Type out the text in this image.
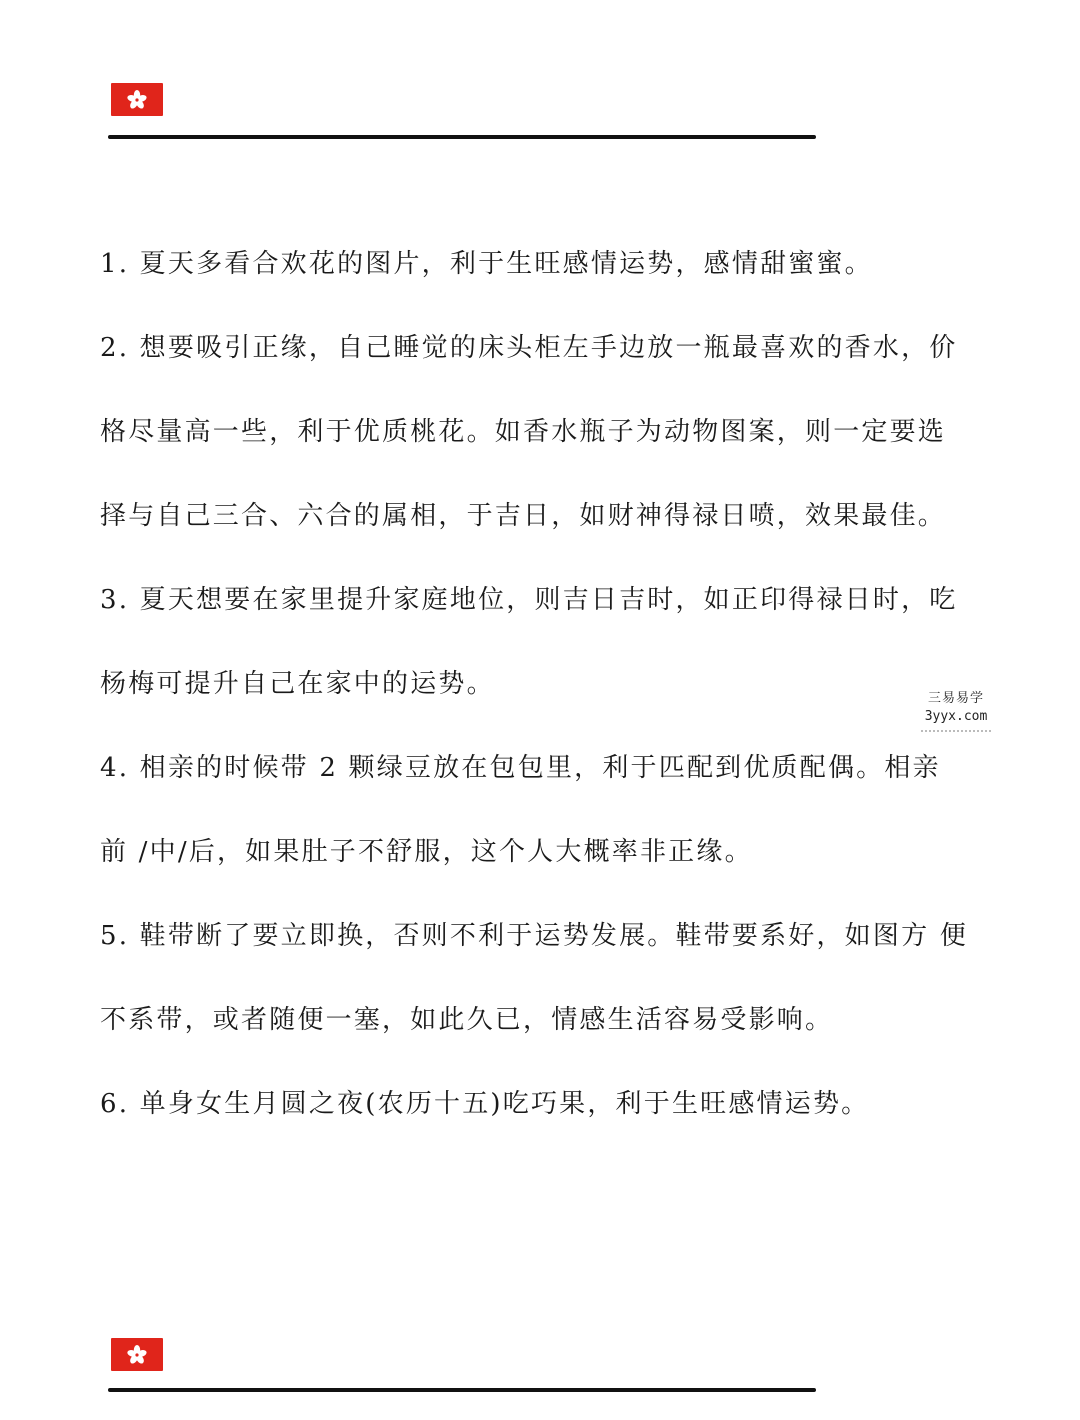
1. 夏天多看合欢花的图片，利于生旺感情运势，感情甜蜜蜜。
2. 想要吸引正缘，自己睡觉的床头柜左手边放一瓶最喜欢的香水，价
格尽量高一些，利于优质桃花。如香水瓶子为动物图案，则一定要选
择与自己三合、六合的属相，于吉日，如财神得禄日喷，效果最佳。
3. 夏天想要在家里提升家庭地位，则吉日吉时，如正印得禄日时，吃
杨梅可提升自己在家中的运势。
4. 相亲的时候带 2 颗绿豆放在包包里，利于匹配到优质配偶。相亲
前 /中/后，如果肚子不舒服，这个人大概率非正缘。
5. 鞋带断了要立即换，否则不利于运势发展。鞋带要系好，如图方 便
不系带，或者随便一塞，如此久已，情感生活容易受影响。
6. 单身女生月圆之夜(农历十五)吃巧果，利于生旺感情运势。
三易易学
3yyx.com
